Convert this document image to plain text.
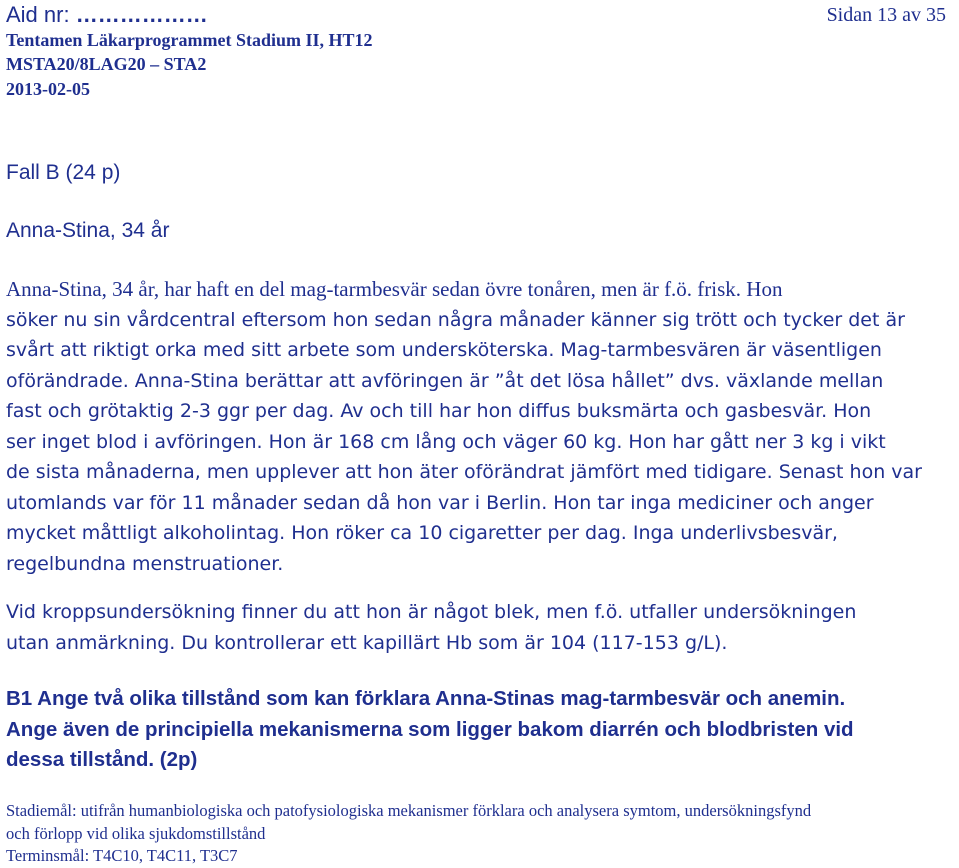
Aid nr: ………………	Sidan 13 av 35
Tentamen Läkarprogrammet Stadium II, HT12
MSTA20/8LAG20 – STA2
2013-02-05
Fall B (24 p)
Anna-Stina, 34 år
Anna-Stina, 34 år, har haft en del mag-tarmbesvär sedan övre tonåren, men är f.ö. frisk. Hon
söker nu sin vårdcentral eftersom hon sedan några månader känner sig trött och tycker det är
svårt att riktigt orka med sitt arbete som undersköterska. Mag-tarmbesvären är väsentligen
oförändrade. Anna-Stina berättar att avföringen är ”åt det lösa hållet” dvs. växlande mellan
fast och grötaktig 2-3 ggr per dag. Av och till har hon diffus buksmärta och gasbesvär. Hon
ser inget blod i avföringen. Hon är 168 cm lång och väger 60 kg. Hon har gått ner 3 kg i vikt
de sista månaderna, men upplever att hon äter oförändrat jämfört med tidigare. Senast hon var
utomlands var för 11 månader sedan då hon var i Berlin. Hon tar inga mediciner och anger
mycket måttligt alkoholintag. Hon röker ca 10 cigaretter per dag. Inga underlivsbesvär,
regelbundna menstruationer.
Vid kroppsundersökning finner du att hon är något blek, men f.ö. utfaller undersökningen
utan anmärkning. Du kontrollerar ett kapillärt Hb som är 104 (117-153 g/L).
B1 Ange två olika tillstånd som kan förklara Anna-Stinas mag-tarmbesvär och anemin.
Ange även de principiella mekanismerna som ligger bakom diarrén och blodbristen vid
dessa tillstånd. (2p)
Stadiemål: utifrån humanbiologiska och patofysiologiska mekanismer förklara och analysera symtom, undersökningsfynd
och förlopp vid olika sjukdomstillstånd
Terminsmål: T4C10, T4C11, T3C7
